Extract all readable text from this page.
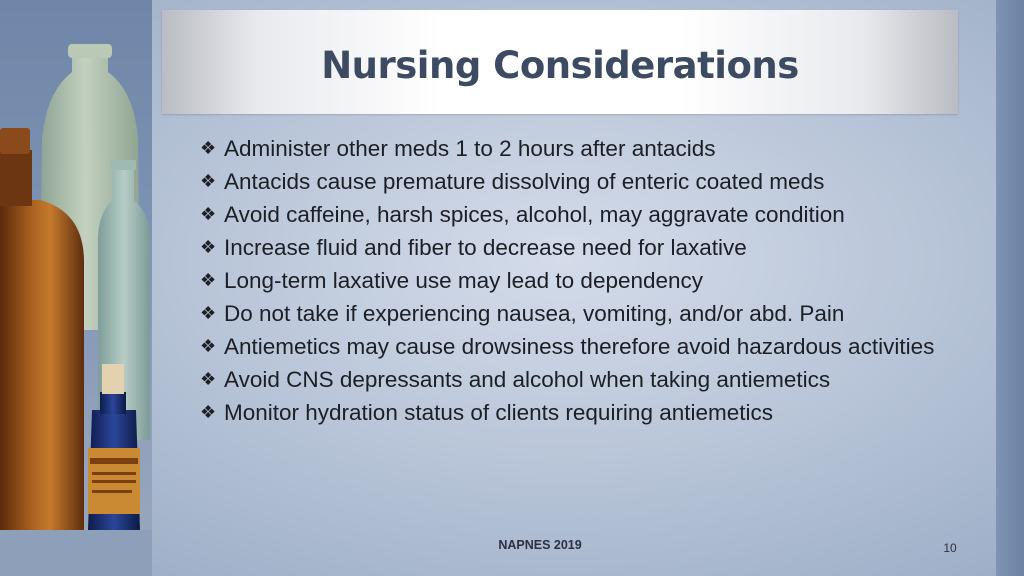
Nursing Considerations
❖ Administer other meds 1 to 2 hours after antacids
❖ Antacids cause premature dissolving of enteric coated meds
❖ Avoid caffeine, harsh spices, alcohol, may aggravate condition
❖ Increase fluid and fiber to decrease need for laxative
❖ Long-term laxative use may lead to dependency
❖ Do not take if experiencing nausea, vomiting, and/or abd. Pain
❖ Antiemetics may cause drowsiness therefore avoid hazardous activities
❖ Avoid CNS depressants and alcohol when taking antiemetics
❖ Monitor hydration status of clients requiring antiemetics
NAPNES 2019	10
